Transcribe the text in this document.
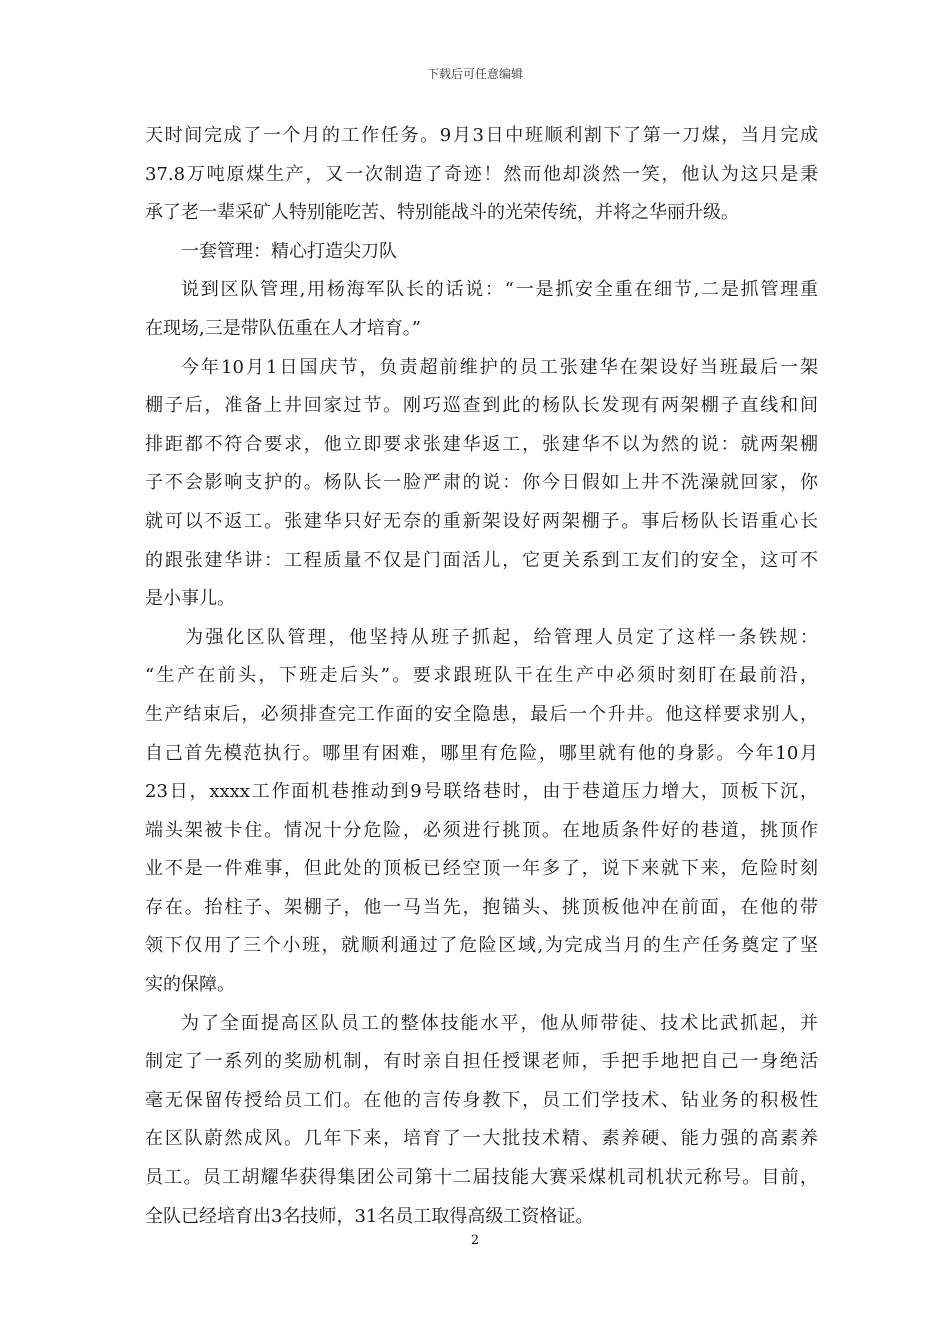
下载后可任意编辑
天时间完成了一个月的工作任务。9月3日中班顺利割下了第一刀煤，当月完成
37.8万吨原煤生产，又一次制造了奇迹！然而他却淡然一笑，他认为这只是秉
承了老一辈采矿人特别能吃苦、特别能战斗的光荣传统，并将之华丽升级。
一套管理：精心打造尖刀队
说到区队管理,用杨海军队长的话说：“一是抓安全重在细节,二是抓管理重
在现场,三是带队伍重在人才培育。”
今年10月1日国庆节，负责超前维护的员工张建华在架设好当班最后一架
棚子后，准备上井回家过节。刚巧巡查到此的杨队长发现有两架棚子直线和间
排距都不符合要求，他立即要求张建华返工，张建华不以为然的说：就两架棚
子不会影响支护的。杨队长一脸严肃的说：你今日假如上井不洗澡就回家，你
就可以不返工。张建华只好无奈的重新架设好两架棚子。事后杨队长语重心长
的跟张建华讲：工程质量不仅是门面活儿，它更关系到工友们的安全，这可不
是小事儿。
为强化区队管理，他坚持从班子抓起，给管理人员定了这样一条铁规：
“生产在前头，下班走后头”。要求跟班队干在生产中必须时刻盯在最前沿，
生产结束后，必须排查完工作面的安全隐患，最后一个升井。他这样要求别人，
自己首先模范执行。哪里有困难，哪里有危险，哪里就有他的身影。今年10月
23日，xxxx工作面机巷推动到9号联络巷时，由于巷道压力增大，顶板下沉，
端头架被卡住。情况十分危险，必须进行挑顶。在地质条件好的巷道，挑顶作
业不是一件难事，但此处的顶板已经空顶一年多了，说下来就下来，危险时刻
存在。抬柱子、架棚子，他一马当先，抱锚头、挑顶板他冲在前面，在他的带
领下仅用了三个小班，就顺利通过了危险区域,为完成当月的生产任务奠定了坚
实的保障。
为了全面提高区队员工的整体技能水平，他从师带徒、技术比武抓起，并
制定了一系列的奖励机制，有时亲自担任授课老师，手把手地把自己一身绝活
毫无保留传授给员工们。在他的言传身教下，员工们学技术、钻业务的积极性
在区队蔚然成风。几年下来，培育了一大批技术精、素养硬、能力强的高素养
员工。员工胡耀华获得集团公司第十二届技能大赛采煤机司机状元称号。目前，
全队已经培育出3名技师，31名员工取得高级工资格证。
2
